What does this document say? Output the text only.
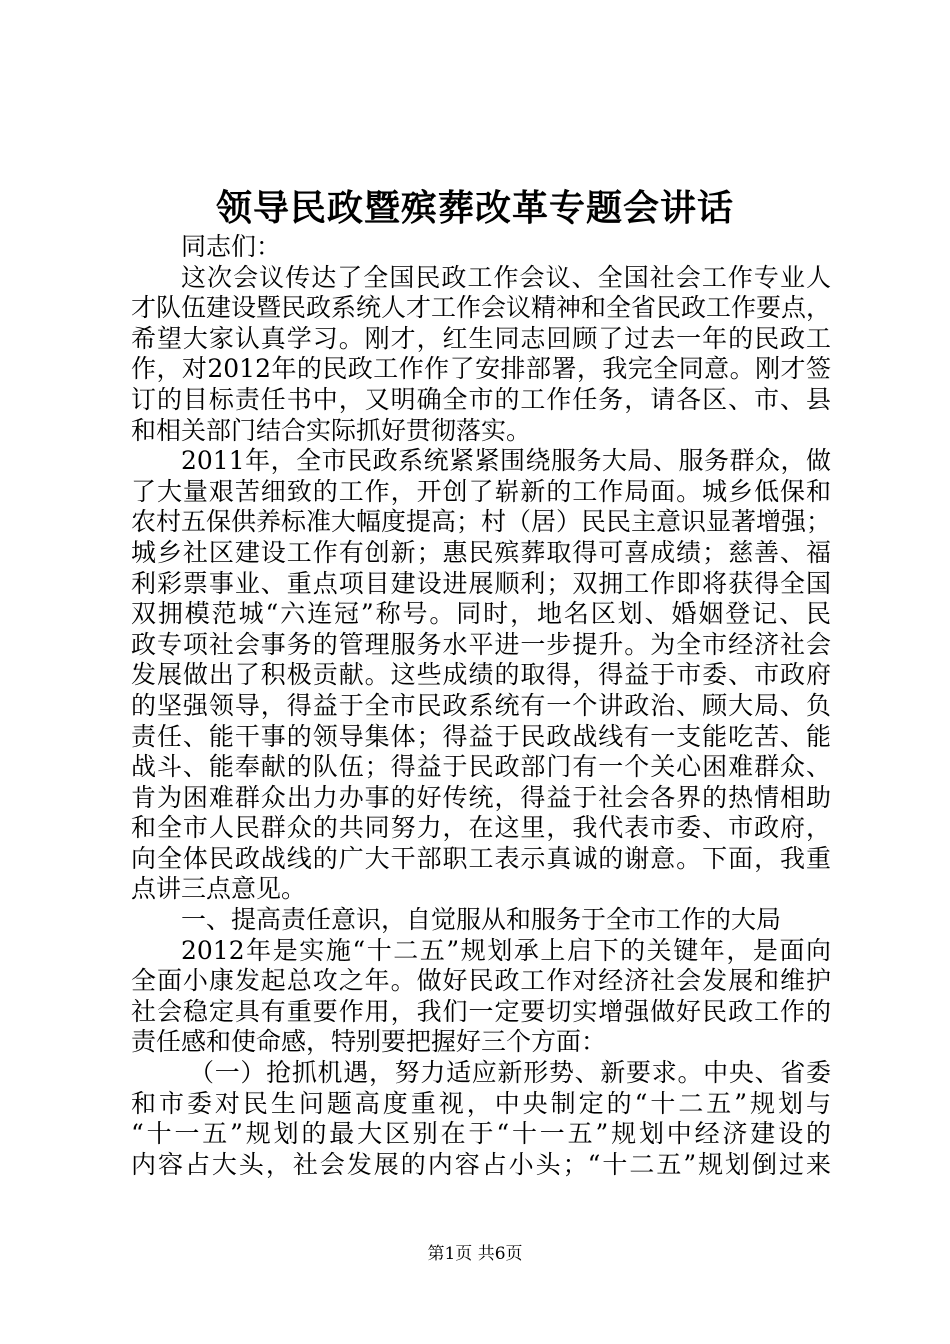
领导民政暨殡葬改革专题会讲话
同志们：
这次会议传达了全国民政工作会议、全国社会工作专业人
才队伍建设暨民政系统人才工作会议精神和全省民政工作要点，
希望大家认真学习。刚才，红生同志回顾了过去一年的民政工
作，对2012年的民政工作作了安排部署，我完全同意。刚才签
订的目标责任书中，又明确全市的工作任务，请各区、市、县
和相关部门结合实际抓好贯彻落实。
2011年，全市民政系统紧紧围绕服务大局、服务群众，做
了大量艰苦细致的工作，开创了崭新的工作局面。城乡低保和
农村五保供养标准大幅度提高；村（居）民民主意识显著增强；
城乡社区建设工作有创新；惠民殡葬取得可喜成绩；慈善、福
利彩票事业、重点项目建设进展顺利；双拥工作即将获得全国
双拥模范城“六连冠”称号。同时，地名区划、婚姻登记、民
政专项社会事务的管理服务水平进一步提升。为全市经济社会
发展做出了积极贡献。这些成绩的取得，得益于市委、市政府
的坚强领导，得益于全市民政系统有一个讲政治、顾大局、负
责任、能干事的领导集体；得益于民政战线有一支能吃苦、能
战斗、能奉献的队伍；得益于民政部门有一个关心困难群众、
肯为困难群众出力办事的好传统，得益于社会各界的热情相助
和全市人民群众的共同努力，在这里，我代表市委、市政府，
向全体民政战线的广大干部职工表示真诚的谢意。下面，我重
点讲三点意见。
一、提高责任意识，自觉服从和服务于全市工作的大局
2012年是实施“十二五”规划承上启下的关键年，是面向
全面小康发起总攻之年。做好民政工作对经济社会发展和维护
社会稳定具有重要作用，我们一定要切实增强做好民政工作的
责任感和使命感，特别要把握好三个方面：
（一）抢抓机遇，努力适应新形势、新要求。中央、省委
和市委对民生问题高度重视，中央制定的“十二五”规划与
“十一五”规划的最大区别在于“十一五”规划中经济建设的
内容占大头，社会发展的内容占小头；“十二五”规划倒过来
第1页 共6页
